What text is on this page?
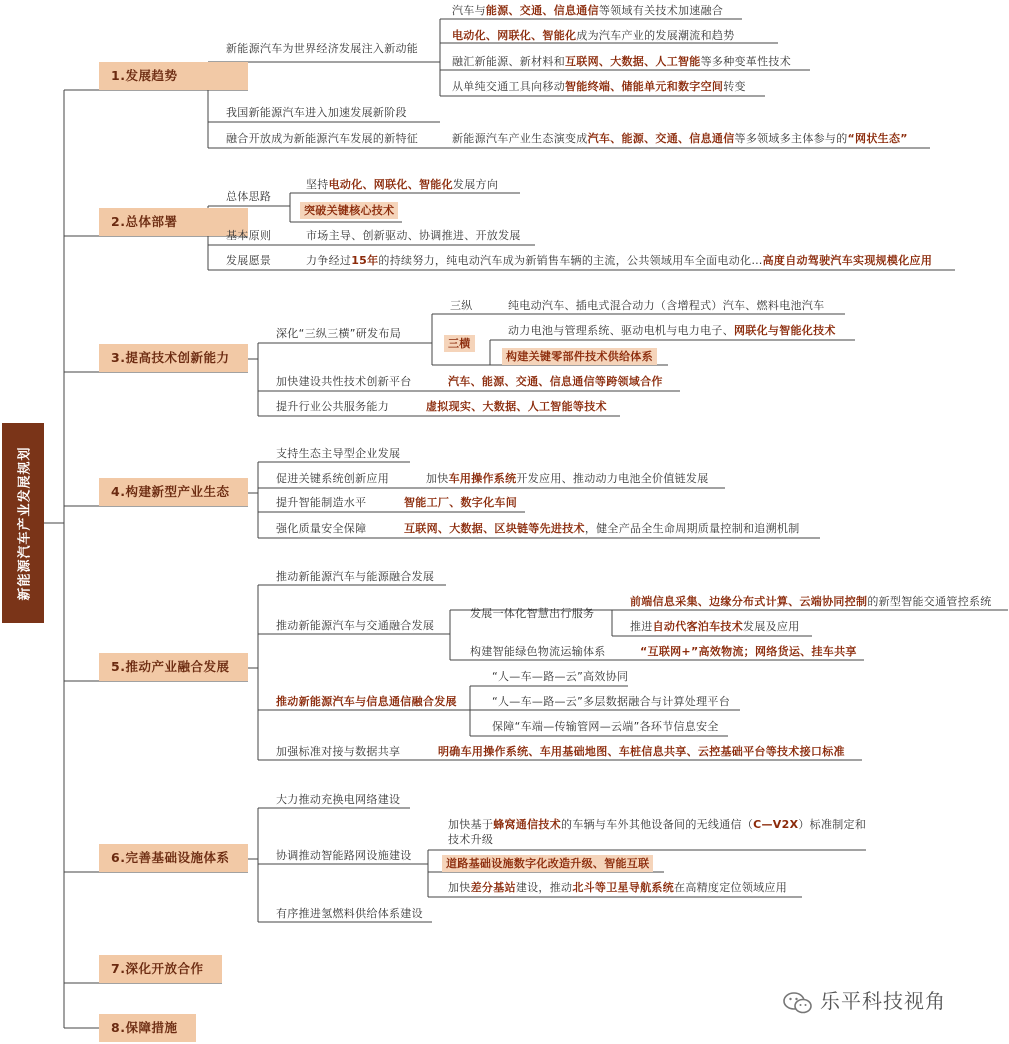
新能源汽车产业发展规划
1.发展趋势
2.总体部署
3.提高技术创新能力
4.构建新型产业生态
5.推动产业融合发展
6.完善基础设施体系
7.深化开放合作
8.保障措施
新能源汽车为世界经济发展注入新动能
汽车与能源、交通、信息通信等领域有关技术加速融合
电动化、网联化、智能化成为汽车产业的发展潮流和趋势
融汇新能源、新材料和互联网、大数据、人工智能等多种变革性技术
从单纯交通工具向移动智能终端、储能单元和数字空间转变
我国新能源汽车进入加速发展新阶段
融合开放成为新能源汽车发展的新特征	新能源汽车产业生态演变成汽车、能源、交通、信息通信等多领域多主体参与的“网状生态”
总体思路
坚持电动化、网联化、智能化发展方向
突破关键核心技术
基本原则	市场主导、创新驱动、协调推进、开放发展
发展愿景	力争经过15年的持续努力，纯电动汽车成为新销售车辆的主流，公共领域用车全面电动化…高度自动驾驶汽车实现规模化应用
深化“三纵三横”研发布局
三纵	纯电动汽车、插电式混合动力（含增程式）汽车、燃料电池汽车
三横
动力电池与管理系统、驱动电机与电力电子、网联化与智能化技术
构建关键零部件技术供给体系
加快建设共性技术创新平台	汽车、能源、交通、信息通信等跨领域合作
提升行业公共服务能力	虚拟现实、大数据、人工智能等技术
支持生态主导型企业发展
促进关键系统创新应用	加快车用操作系统开发应用、推动动力电池全价值链发展
提升智能制造水平	智能工厂、数字化车间
强化质量安全保障	互联网、大数据、区块链等先进技术，健全产品全生命周期质量控制和追溯机制
推动新能源汽车与能源融合发展
推动新能源汽车与交通融合发展
发展一体化智慧出行服务
前端信息采集、边缘分布式计算、云端协同控制的新型智能交通管控系统
推进自动代客泊车技术发展及应用
构建智能绿色物流运输体系	“互联网+”高效物流；网络货运、挂车共享
推动新能源汽车与信息通信融合发展
“人—车—路—云”高效协同
“人—车—路—云”多层数据融合与计算处理平台
保障“车端—传输管网—云端”各环节信息安全
加强标准对接与数据共享	明确车用操作系统、车用基础地图、车桩信息共享、云控基础平台等技术接口标准
大力推动充换电网络建设
协调推动智能路网设施建设
加快基于蜂窝通信技术的车辆与车外其他设备间的无线通信（C—V2X）标准制定和技术升级
道路基础设施数字化改造升级、智能互联
加快差分基站建设，推动北斗等卫星导航系统在高精度定位领域应用
有序推进氢燃料供给体系建设
乐平科技视角
